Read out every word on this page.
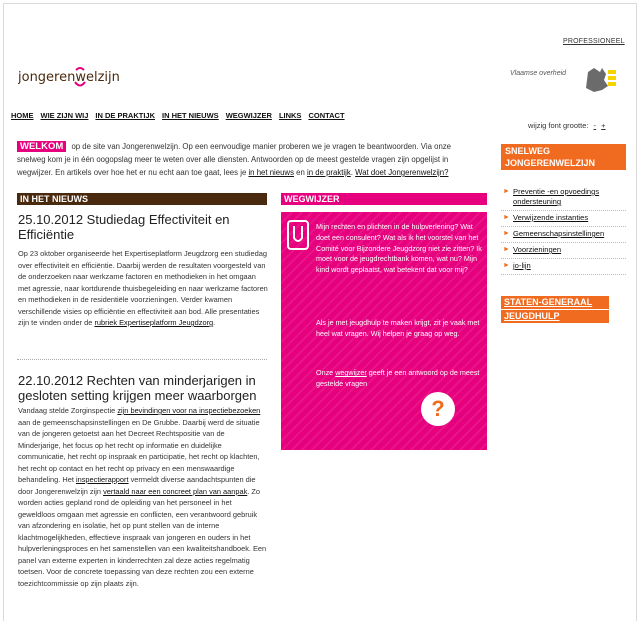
PROFESSIONEEL
jongerenwelzijn	Vlaamse overheid
HOME WIE ZIJN WIJ IN DE PRAKTIJK IN HET NIEUWS WEGWIJZER LINKS CONTACT
wijzig font grootte: - +
WELKOM op de site van Jongerenwelzijn. Op een eenvoudige manier proberen we je vragen te beantwoorden. Via onze snelweg kom je in één oogopslag meer te weten over alle diensten. Antwoorden op de meest gestelde vragen zijn opgelijst in wegwijzer. En artikels over hoe het er nu echt aan toe gaat, lees je in het nieuws en in de praktijk. Wat doet Jongerenwelzijn?
IN HET NIEUWS
25.10.2012 Studiedag Effectiviteit en Efficiëntie
Op 23 oktober organiseerde het Expertiseplatform Jeugdzorg een studiedag over effectiviteit en efficiëntie. Daarbij werden de resultaten voorgesteld van de onderzoeken naar werkzame factoren en methodieken in het omgaan met agressie, naar kortdurende thuisbegeleiding en naar werkzame factoren en methodieken in de residentiële voorzieningen. Verder kwamen verschillende visies op efficiëntie en effectiviteit aan bod. Alle presentaties zijn te vinden onder de rubriek Expertiseplatform Jeugdzorg.
22.10.2012 Rechten van minderjarigen in gesloten setting krijgen meer waarborgen
Vandaag stelde Zorginspectie zijn bevindingen voor na inspectiebezoeken aan de gemeenschapsinstellingen en De Grubbe. Daarbij werd de situatie van de jongeren getoetst aan het Decreet Rechtspositie van de Minderjarige, het focus op het recht op informatie en duidelijke communicatie, het recht op inspraak en participatie, het recht op klachten, het recht op contact en het recht op privacy en een menswaardige behandeling. Het inspectierapport vermeldt diverse aandachtspunten die door Jongerenwelzijn zijn vertaald naar een concreet plan van aanpak. Zo worden acties gepland rond de opleiding van het personeel in het geweldloos omgaan met agressie en conflicten, een verantwoord gebruik van afzondering en isolatie, het op punt stellen van de interne klachtmogelijkheden, effectieve inspraak van jongeren en ouders in het hulpverleningsproces en het samenstellen van een kwaliteitshandboek. Een panel van externe experten in kinderrechten zal deze acties regelmatig toetsen. Voor de concrete toepassing van deze rechten zou een externe toezichtcommissie op zijn plaats zijn.
WEGWIJZER

Mijn rechten en plichten in de hulpverlening? Wat doet een consulent? Wat als ik het voorstel van het Comité voor Bijzondere Jeugdzorg niet zie zitten? Ik moet voor de jeugdrechtbank komen, wat nu? Mijn kind wordt geplaatst, wat betekent dat voor mij?

Als je met jeugdhulp te maken krijgt, zit je vaak met heel wat vragen. Wij helpen je graag op weg.

Onze wegwijzer geeft je een antwoord op de meest gestelde vragen

?
SNELWEG
JONGERENWELZIJN
► Preventie -en opvoedings ondersteuning
► Verwijzende instanties
► Gemeenschapsinstellingen
► Voorzieningen
► jo-lijn
STATEN-GENERAAL
JEUGDHULP
